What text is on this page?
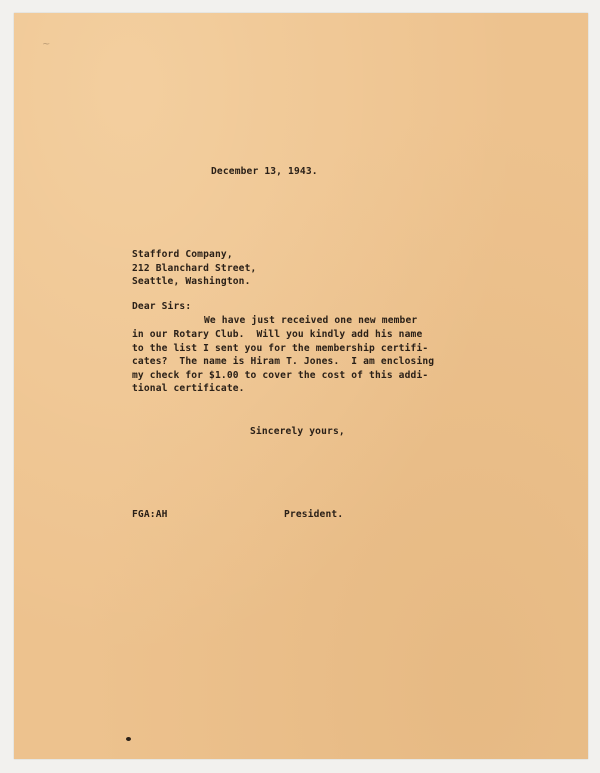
~
December 13, 1943.
Stafford Company,
212 Blanchard Street,
Seattle, Washington.
Dear Sirs:
We have just received one new member
in our Rotary Club.  Will you kindly add his name
to the list I sent you for the membership certifi-
cates?  The name is Hiram T. Jones.  I am enclosing
my check for $1.00 to cover the cost of this addi-
tional certificate.
Sincerely yours,
FGA:AH	President.
